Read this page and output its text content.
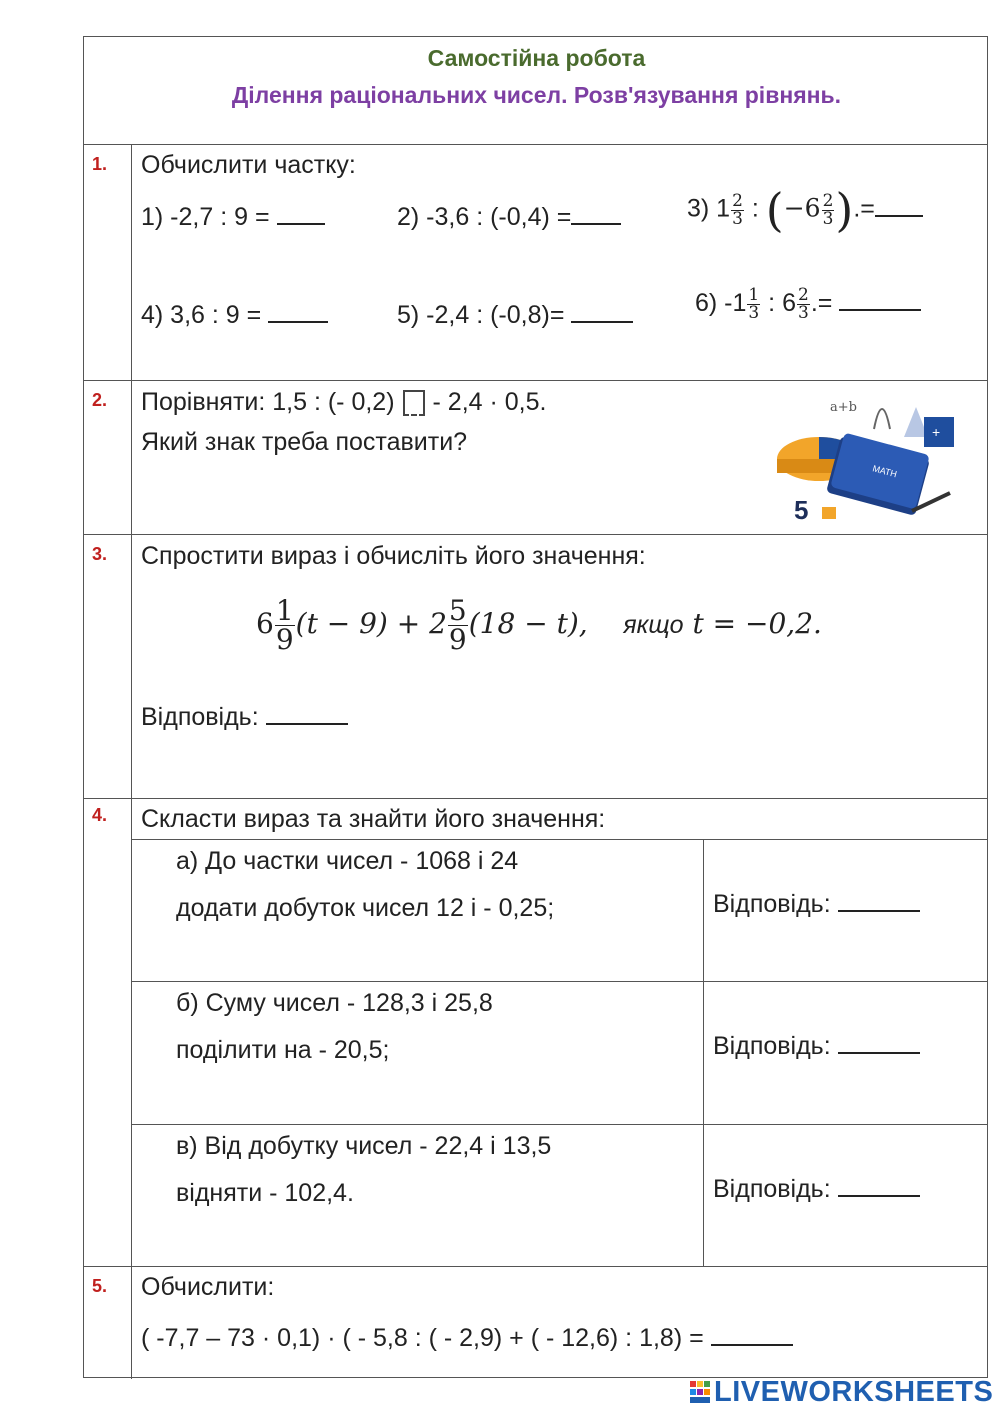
Самостійна робота
Ділення раціональних чисел. Розв'язування рівнянь.
1. Обчислити частку:
1) -2,7 : 9 =	2) -3,6 : (-0,4) =	3) $1 \frac{2}{3}$ : ($-6 \frac{2}{3}$ ).=
4) 3,6 : 9 =	5) -2,4 : (-0,8)=	6) $-1 \frac{1}{3}$ : $6 \frac{2}{3}$ .=
2. Порівняти: 1,5 : (- 0,2) - 2,4 · 0,5.
Який знак треба поставити?
МАТН
+
a+b
5
3. Спростити вираз і обчисліть його значення:
$6 \frac{1}{9} (t - 9) + 2 \frac{5}{9} (18 - t)$, якщо t = −0,2.
Відповідь:
4. Скласти вираз та знайти його значення:
а) До частки чисел - 1068 і 24
додати добуток чисел 12 і - 0,25;	Відповідь:
б) Суму чисел - 128,3 і 25,8
поділити на - 20,5;	Відповідь:
в) Від добутку чисел - 22,4 і 13,5
відняти - 102,4.	Відповідь:
5. Обчислити:
( -7,7 – 73 · 0,1) · ( - 5,8 : ( - 2,9) + ( - 12,6) : 1,8) =
LIVEWORKSHEETS
